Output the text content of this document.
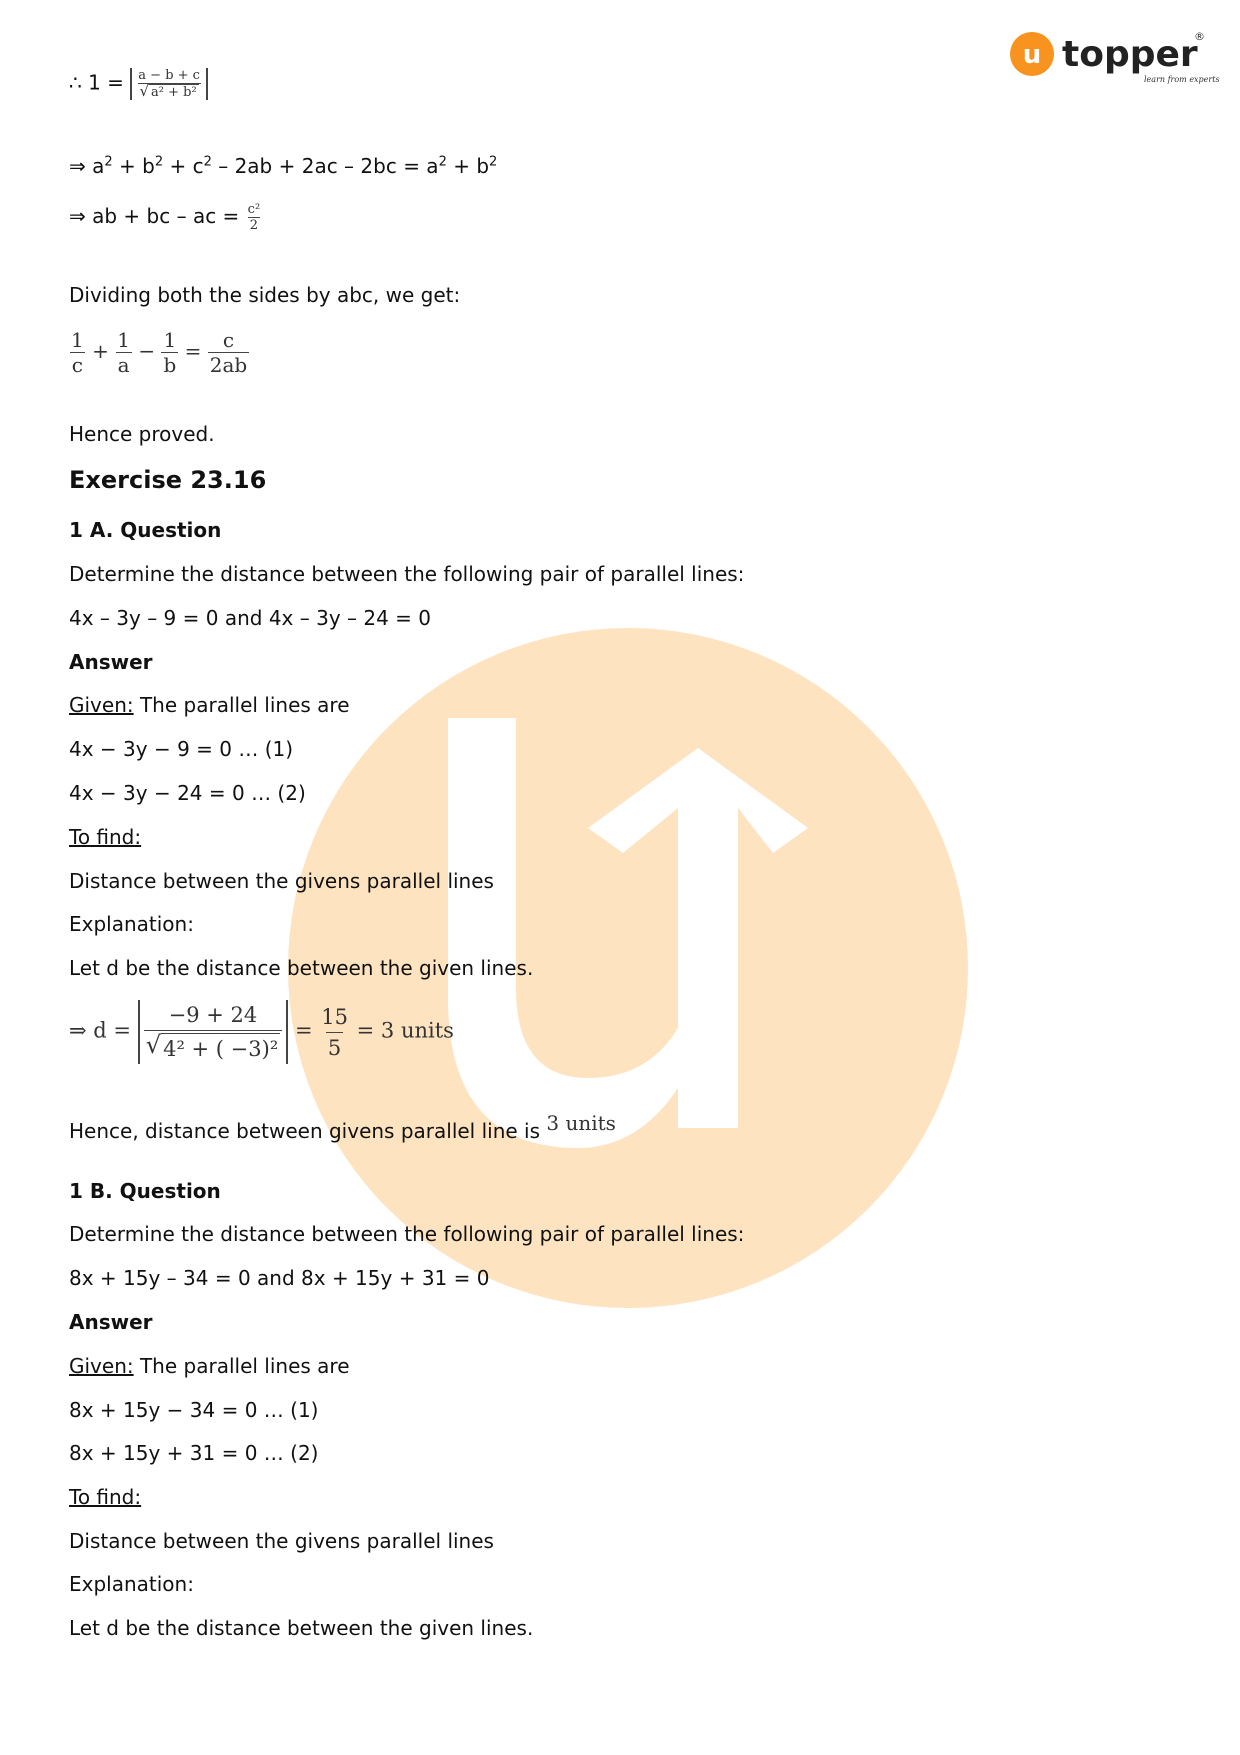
u topper
learn from experts
®
∴ $1 = \frac{a - b + c}{\text{√ a² + b²}}$
⇒ $a^2 + b^2 + c^2 - 2ab + 2ac - 2bc = a^2 + b^2$
⇒ ab + bc – ac = $\frac{\text{c²}}{2}$
Dividing both the sides by abc, we get:
$\frac{1}{c} + \frac{1}{a} - \frac{1}{b} = \frac{c}{2ab}$
Hence proved.
Exercise 23.16
1 A. Question
Determine the distance between the following pair of parallel lines:
4x – 3y – 9 = 0 and 4x – 3y – 24 = 0
Answer
Given: The parallel lines are
4x − 3y − 9 = 0 … (1)
4x − 3y − 24 = 0 … (2)
To find:
Distance between the givens parallel lines
Explanation:
Let d be the distance between the given lines.
⇒ $d = \frac{-9 + 24}{\text{√ 4² + ( −3)²}} = \frac{15}{5} = 3$ units
Hence, distance between givens parallel line is 3 units
1 B. Question
Determine the distance between the following pair of parallel lines:
8x + 15y – 34 = 0 and 8x + 15y + 31 = 0
Answer
Given: The parallel lines are
8x + 15y − 34 = 0 … (1)
8x + 15y + 31 = 0 … (2)
To find:
Distance between the givens parallel lines
Explanation:
Let d be the distance between the given lines.
